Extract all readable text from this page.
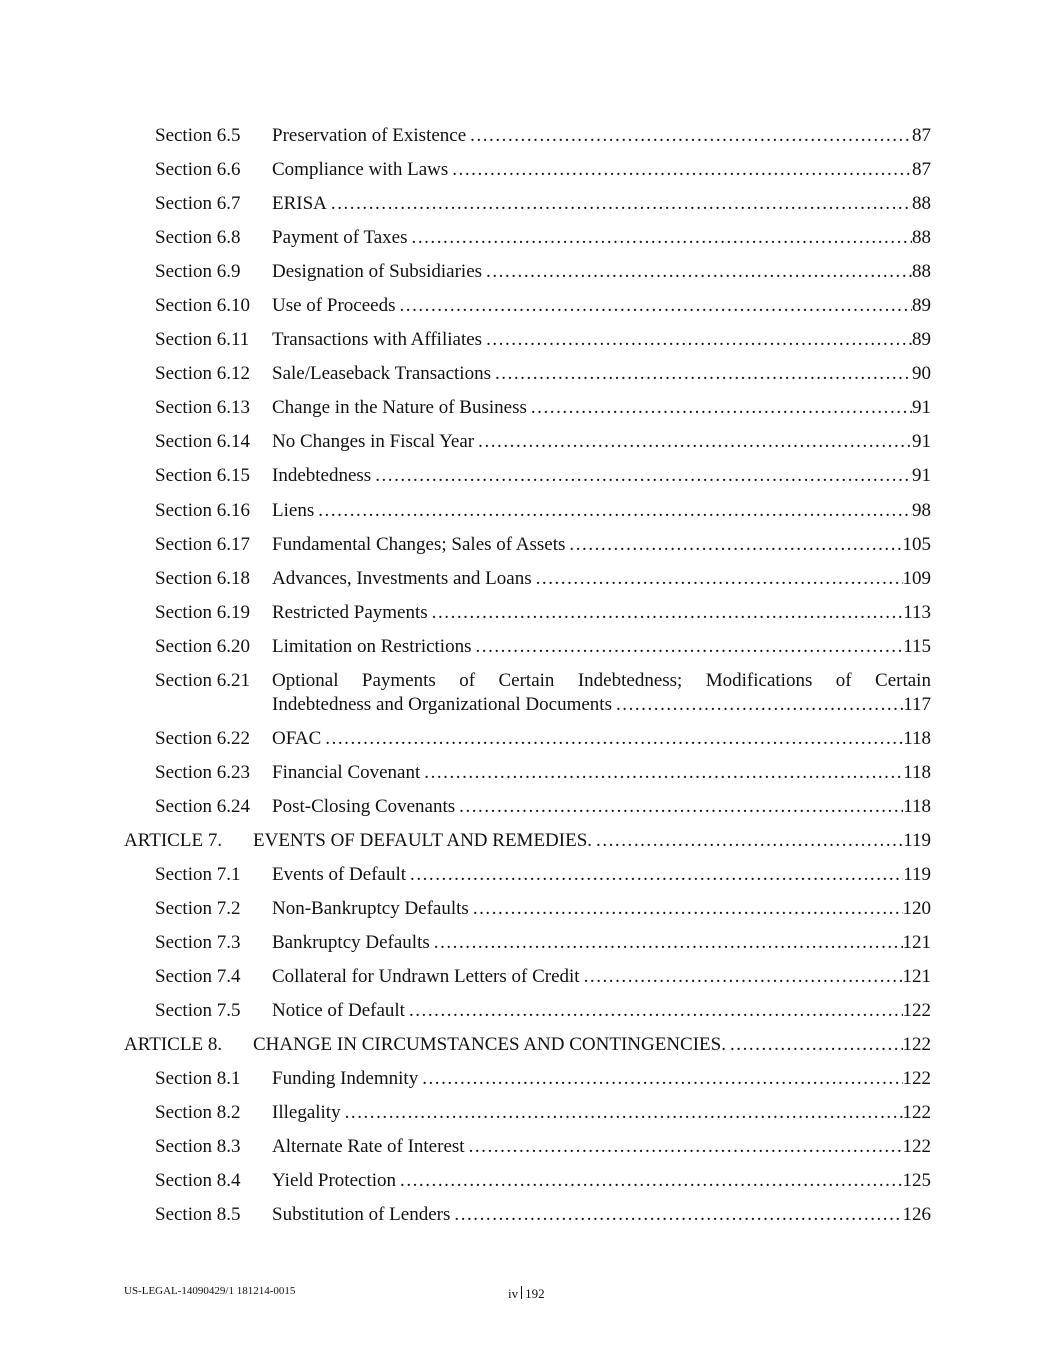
Section 6.5 Preservation of Existence . . .	87
Section 6.6 Compliance with Laws . . .	87
Section 6.7 ERISA . . .	88
Section 6.8 Payment of Taxes . . .	88
Section 6.9 Designation of Subsidiaries . . .	88
Section 6.10 Use of Proceeds . . .	89
Section 6.11 Transactions with Affiliates . . .	89
Section 6.12 Sale/Leaseback Transactions . . .	90
Section 6.13 Change in the Nature of Business . . .	91
Section 6.14 No Changes in Fiscal Year . . .	91
Section 6.15 Indebtedness . . .	91
Section 6.16 Liens . . .	98
Section 6.17 Fundamental Changes; Sales of Assets . . .	105
Section 6.18 Advances, Investments and Loans . . .	109
Section 6.19 Restricted Payments . . .	113
Section 6.20 Limitation on Restrictions . . .	115
Section 6.21 Optional Payments of Certain Indebtedness; Modifications of Certain
Indebtedness and Organizational Documents . . .	117
Section 6.22 OFAC . . .	118
Section 6.23 Financial Covenant . . .	118
Section 6.24 Post-Closing Covenants . . .	118
ARTICLE 7. EVENTS OF DEFAULT AND REMEDIES. . . .	119
Section 7.1 Events of Default . . .	119
Section 7.2 Non-Bankruptcy Defaults . . .	120
Section 7.3 Bankruptcy Defaults . . .	121
Section 7.4 Collateral for Undrawn Letters of Credit . . .	121
Section 7.5 Notice of Default . . .	122
ARTICLE 8. CHANGE IN CIRCUMSTANCES AND CONTINGENCIES. . . .	122
Section 8.1 Funding Indemnity . . .	122
Section 8.2 Illegality . . .	122
Section 8.3 Alternate Rate of Interest . . .	122
Section 8.4 Yield Protection . . .	125
Section 8.5 Substitution of Lenders . . .	126
US-LEGAL-14090429/1 181214-0015	iv 192
